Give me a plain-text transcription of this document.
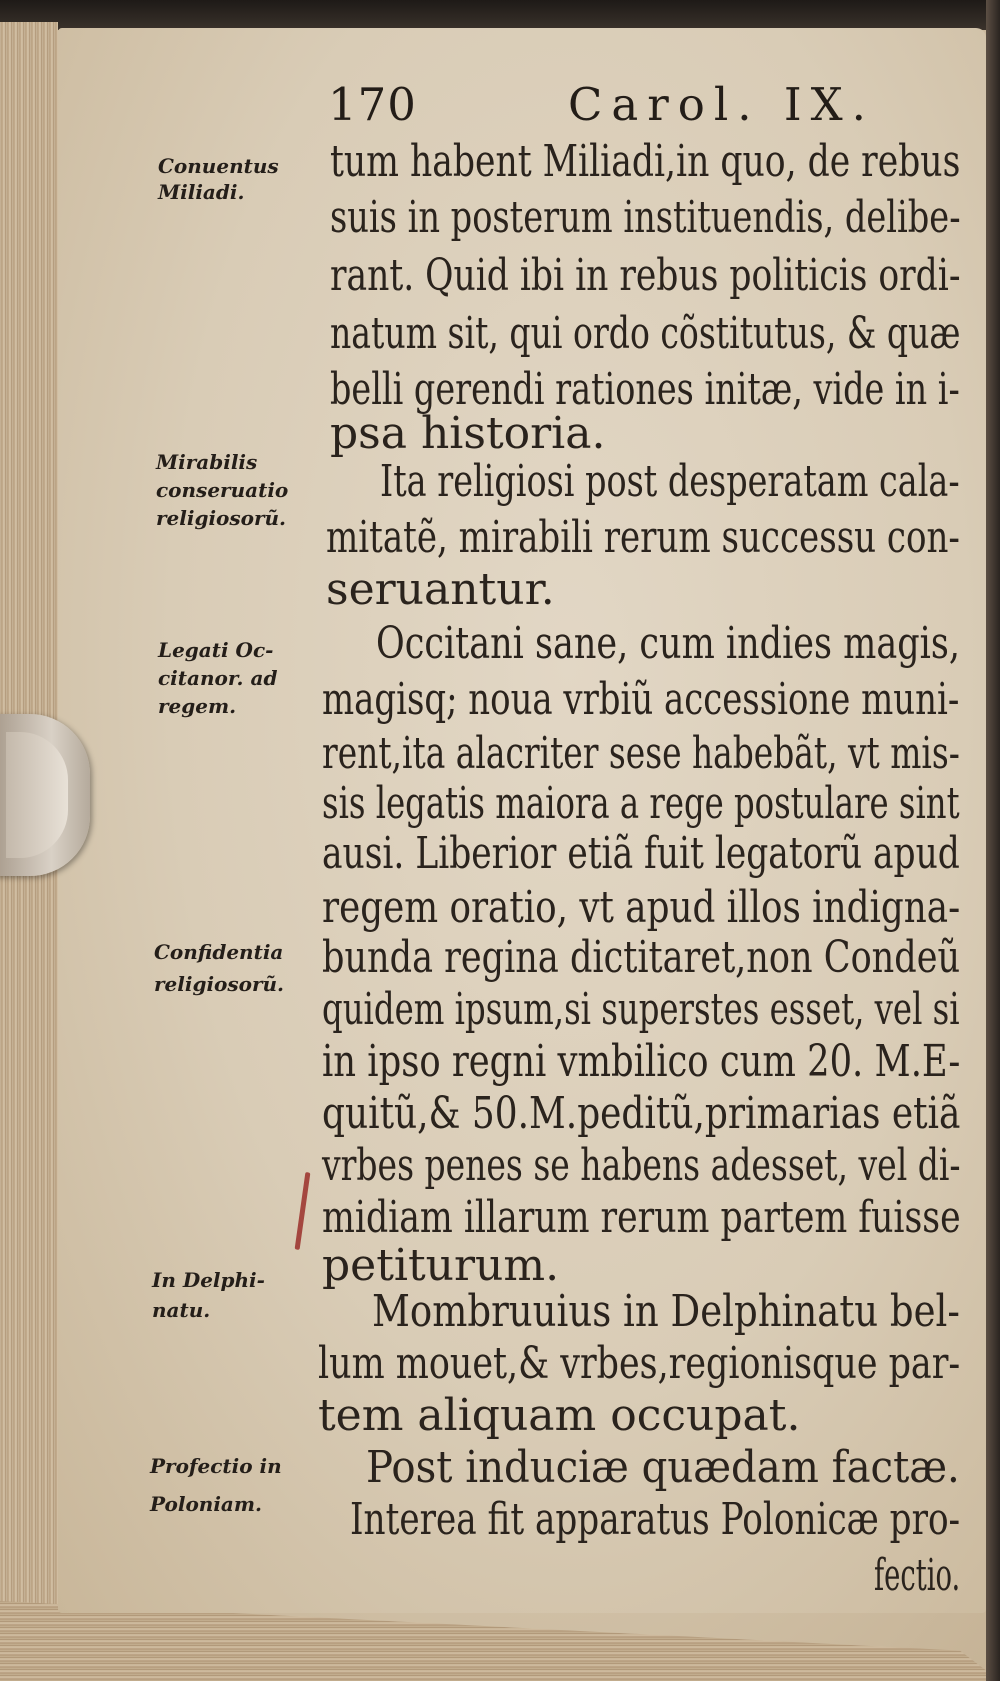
170	Carol. IX.
Conuentus
Miliadi.
Mirabilis
conseruatio
religiosorũ.
Legati Oc-
citanor. ad
regem.
Confidentia
religiosorũ.
In Delphi-
natu.
Profectio in
Poloniam.
tum habent Miliadi,in quo, de rebus
suis in posterum instituendis, delibe-
rant. Quid ibi in rebus politicis ordi-
natum sit, qui ordo cõstitutus, & quæ
belli gerendi rationes initæ, vide in i-
psa historia.
Ita religiosi post desperatam cala-
mitatẽ, mirabili rerum successu con-
seruantur.
Occitani sane, cum indies magis,
magisq; noua vrbiũ accessione muni-
rent,ita alacriter sese habebãt, vt mis-
sis legatis maiora a rege postulare sint
ausi. Liberior etiã fuit legatorũ apud
regem oratio, vt apud illos indigna-
bunda regina dictitaret,non Condeũ
quidem ipsum,si superstes esset, vel si
in ipso regni vmbilico cum 20. M.E-
quitũ,& 50.M.peditũ,primarias etiã
vrbes penes se habens adesset, vel di-
midiam illarum rerum partem fuisse
petiturum.
Mombruuius in Delphinatu bel-
lum mouet,& vrbes,regionisque par-
tem aliquam occupat.
Post induciæ quædam factæ.
Interea fit apparatus Polonicæ pro-
fectio.
